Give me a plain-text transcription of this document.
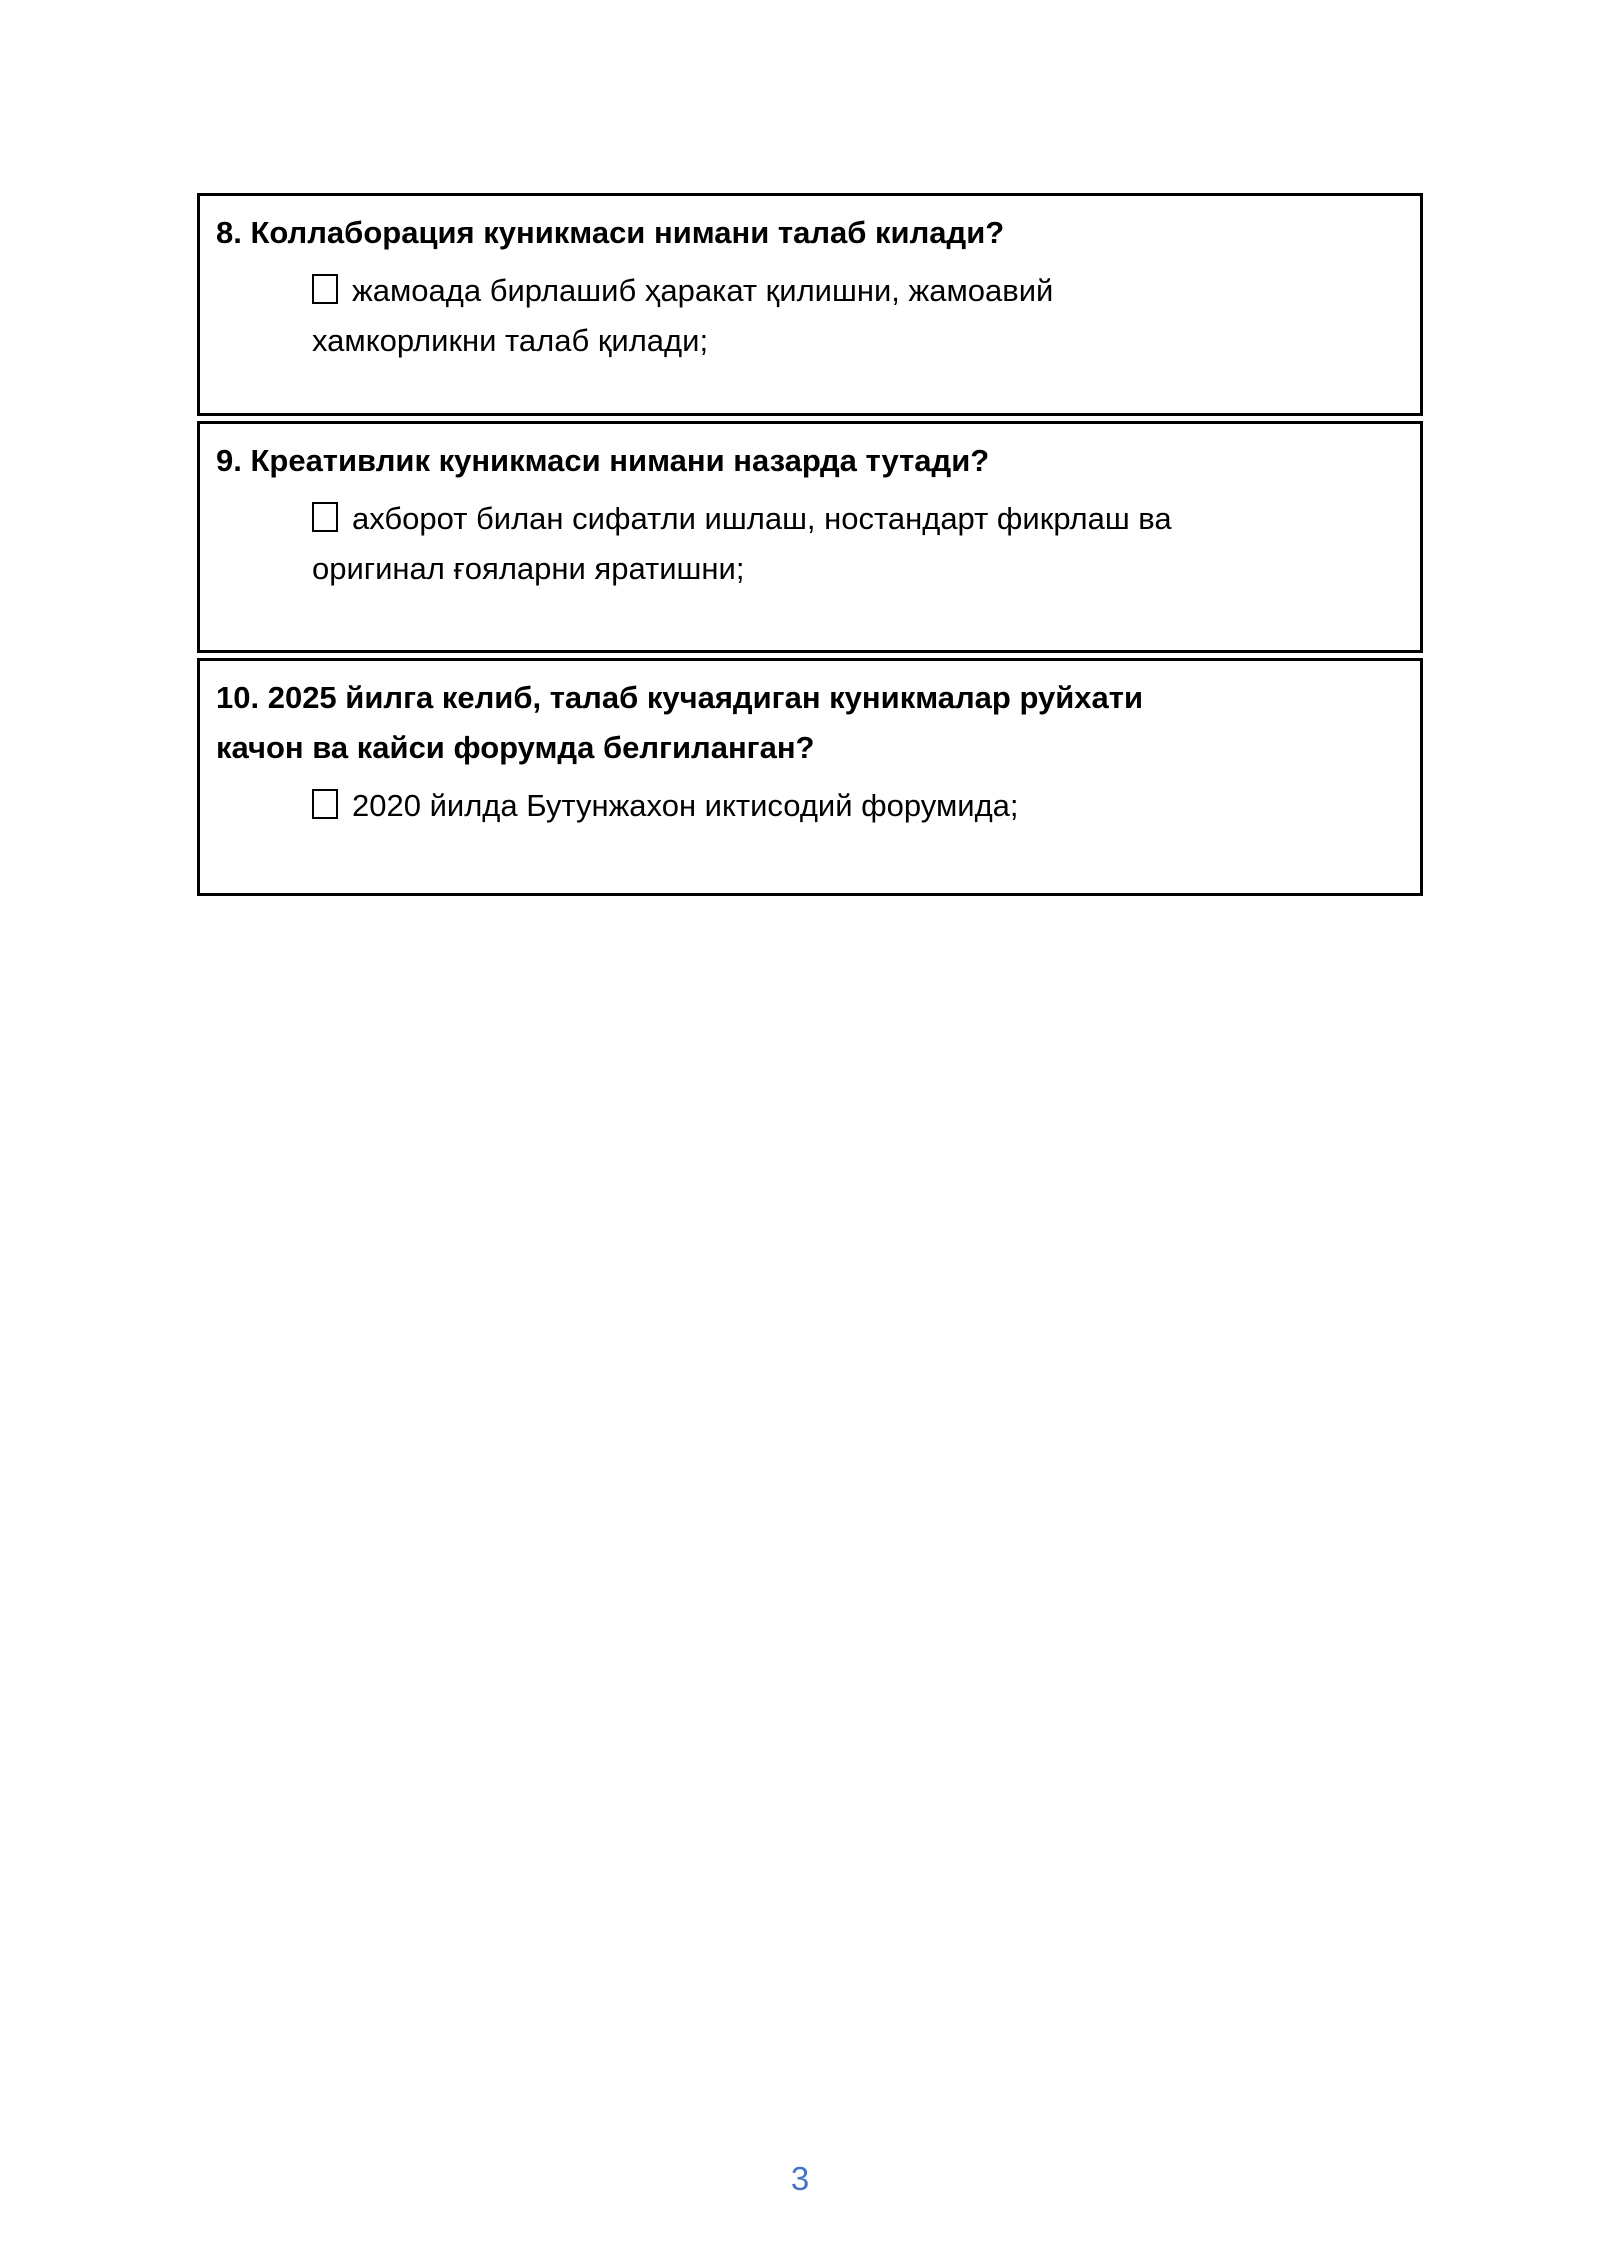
8. Коллаборация куникмаси нимани талаб килади?
жамоада бирлашиб ҳаракат қилишни, жамоавий
хамкорликни талаб қилади;
9. Креативлик куникмаси нимани назарда тутади?
ахборот билан сифатли ишлаш, ностандарт фикрлаш ва
оригинал ғояларни яратишни;
10. 2025 йилга келиб, талаб кучаядиган куникмалар руйхати
качон ва кайси форумда белгиланган?
2020 йилда Бутунжахон иктисодий форумида;
3
